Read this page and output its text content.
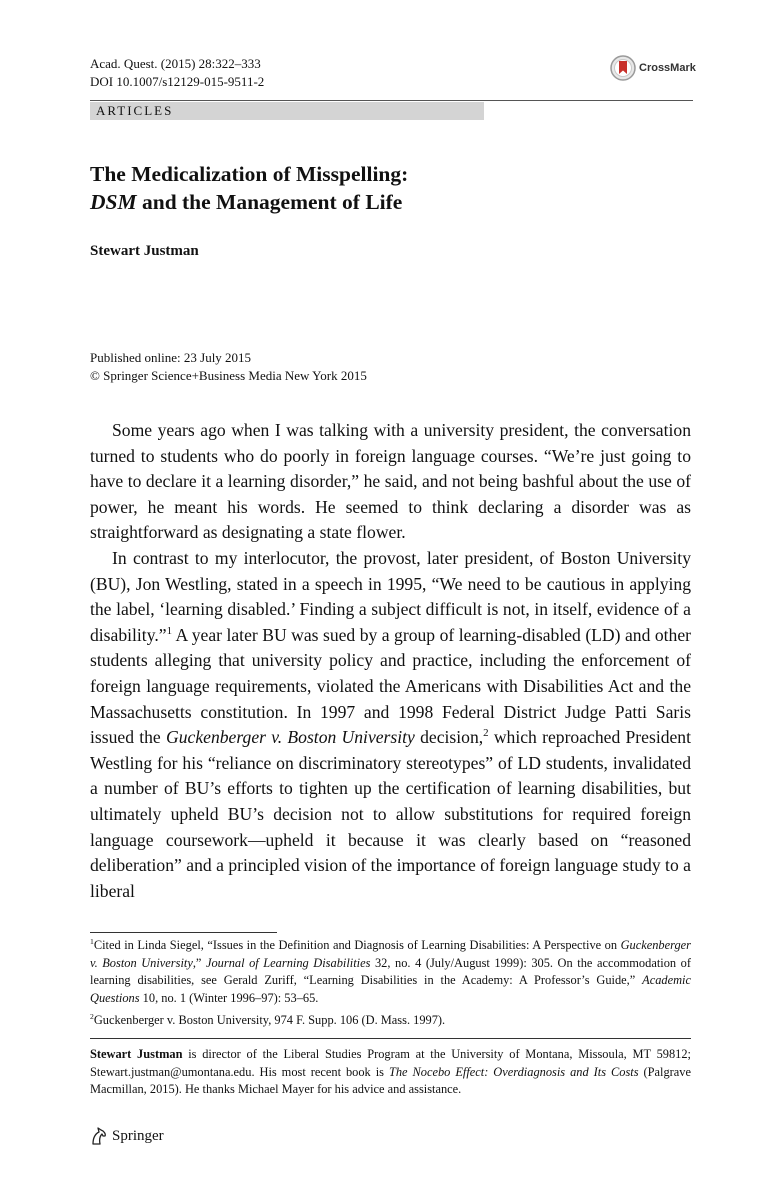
Acad. Quest. (2015) 28:322–333
DOI 10.1007/s12129-015-9511-2
CrossMark
ARTICLES
The Medicalization of Misspelling:
DSM and the Management of Life
Stewart Justman
Published online: 23 July 2015
© Springer Science+Business Media New York 2015

Some years ago when I was talking with a university president, the conversation turned to students who do poorly in foreign language courses. “We’re just going to have to declare it a learning disorder,” he said, and not being bashful about the use of power, he meant his words. He seemed to think declaring a disorder was as straightforward as designating a state flower.

In contrast to my interlocutor, the provost, later president, of Boston University (BU), Jon Westling, stated in a speech in 1995, “We need to be cautious in applying the label, ‘learning disabled.’ Finding a subject difficult is not, in itself, evidence of a disability.”$^1$ A year later BU was sued by a group of learning-disabled (LD) and other students alleging that university policy and practice, including the enforcement of foreign language requirements, violated the Americans with Disabilities Act and the Massachusetts constitution. In 1997 and 1998 Federal District Judge Patti Saris issued the Guckenberger v. Boston University decision,$^2$ which reproached President Westling for his “reliance on discriminatory stereotypes” of LD students, invalidated a number of BU’s efforts to tighten up the certification of learning disabilities, but ultimately upheld BU’s decision not to allow substitutions for required foreign language coursework—upheld it because it was clearly based on “reasoned deliberation” and a principled vision of the importance of foreign language study to a liberal

$^1$Cited in Linda Siegel, “Issues in the Definition and Diagnosis of Learning Disabilities: A Perspective on Guckenberger v. Boston University,” Journal of Learning Disabilities 32, no. 4 (July/August 1999): 305. On the accommodation of learning disabilities, see Gerald Zuriff, “Learning Disabilities in the Academy: A Professor’s Guide,” Academic Questions 10, no. 1 (Winter 1996–97): 53–65.

$^2$Guckenberger v. Boston University, 974 F. Supp. 106 (D. Mass. 1997).

Stewart Justman is director of the Liberal Studies Program at the University of Montana, Missoula, MT 59812; Stewart.justman@umontana.edu. His most recent book is The Nocebo Effect: Overdiagnosis and Its Costs (Palgrave Macmillan, 2015). He thanks Michael Mayer for his advice and assistance.
Springer
